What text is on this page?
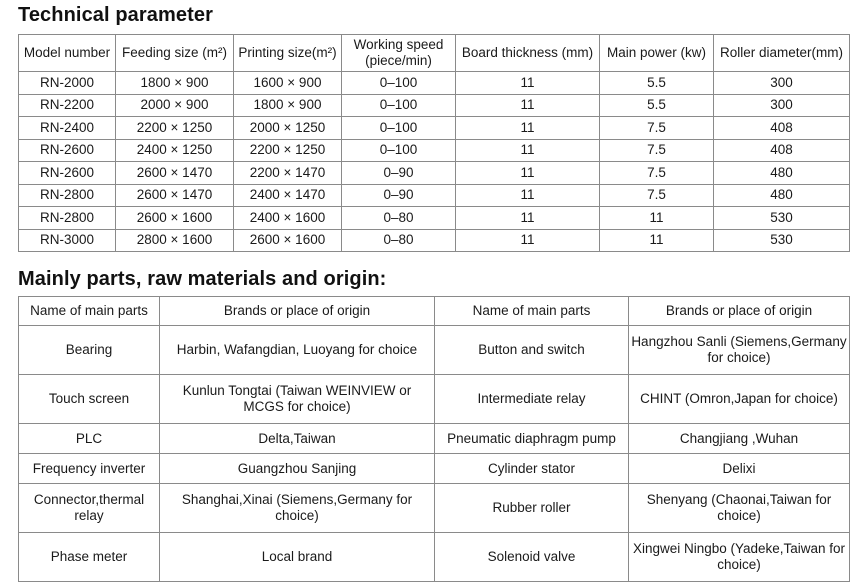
Technical parameter
Model number	Feeding size (m²)	Printing size(m²)	Working speed (piece/min)	Board thickness (mm)	Main power (kw)	Roller diameter(mm)
RN-2000	1800 × 900	1600 × 900	0–100	11	5.5	300
RN-2200	2000 × 900	1800 × 900	0–100	11	5.5	300
RN-2400	2200 × 1250	2000 × 1250	0–100	11	7.5	408
RN-2600	2400 × 1250	2200 × 1250	0–100	11	7.5	408
RN-2600	2600 × 1470	2200 × 1470	0–90	11	7.5	480
RN-2800	2600 × 1470	2400 × 1470	0–90	11	7.5	480
RN-2800	2600 × 1600	2400 × 1600	0–80	11	11	530
RN-3000	2800 × 1600	2600 × 1600	0–80	11	11	530
Mainly parts, raw materials and origin:
Name of main parts	Brands or place of origin	Name of main parts	Brands or place of origin
Bearing	Harbin, Wafangdian, Luoyang for choice	Button and switch	Hangzhou Sanli (Siemens,Germany for choice)
Touch screen	Kunlun Tongtai (Taiwan WEINVIEW or MCGS for choice)	Intermediate relay	CHINT (Omron,Japan for choice)
PLC	Delta,Taiwan	Pneumatic diaphragm pump	Changjiang ,Wuhan
Frequency inverter	Guangzhou Sanjing	Cylinder stator	Delixi
Connector,thermal relay	Shanghai,Xinai (Siemens,Germany for choice)	Rubber roller	Shenyang (Chaonai,Taiwan for choice)
Phase meter	Local brand	Solenoid valve	Xingwei Ningbo (Yadeke,Taiwan for choice)
